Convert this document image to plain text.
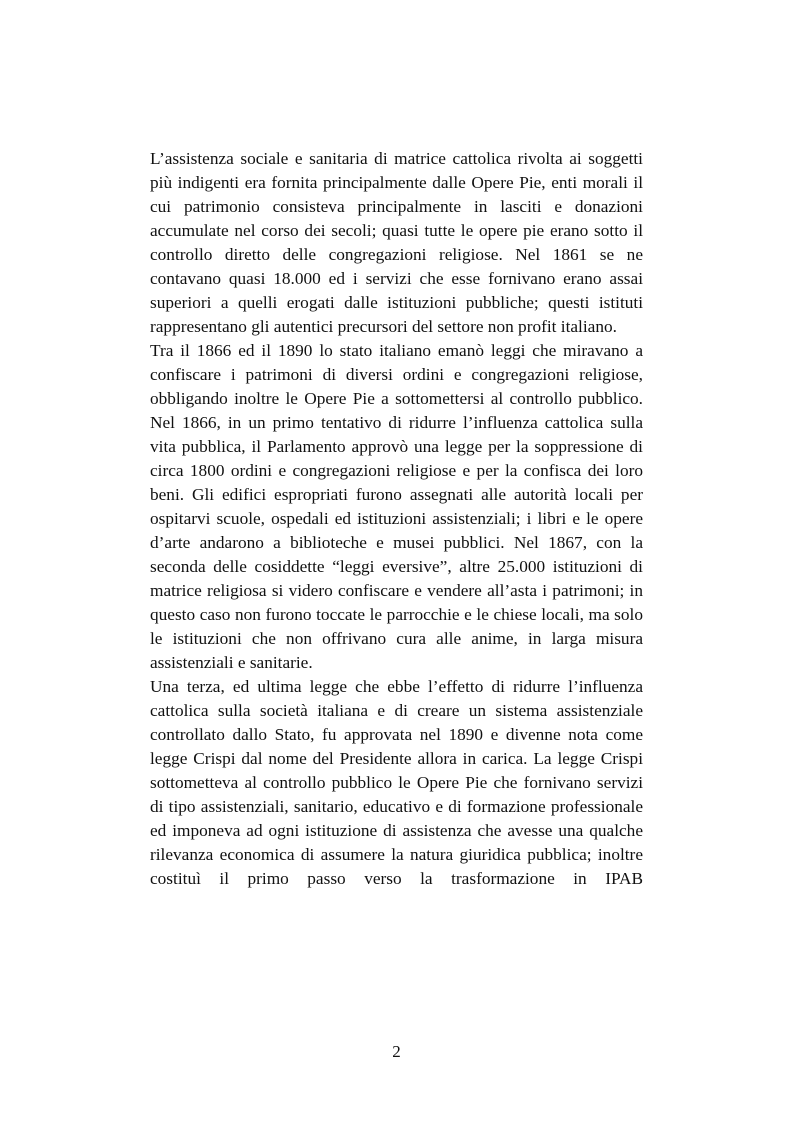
L’assistenza sociale e sanitaria di matrice cattolica rivolta ai soggetti più indigenti era fornita principalmente dalle Opere Pie, enti morali il cui patrimonio consisteva principalmente in lasciti e donazioni accumulate nel corso dei secoli; quasi tutte le opere pie erano sotto il controllo diretto delle congregazioni religiose. Nel 1861 se ne contavano quasi 18.000 ed i servizi che esse fornivano erano assai superiori a quelli erogati dalle istituzioni pubbliche; questi istituti rappresentano gli autentici precursori del settore non profit italiano.

Tra il 1866 ed il 1890 lo stato italiano emanò leggi che miravano a confiscare i patrimoni di diversi ordini e congregazioni religiose, obbligando inoltre le Opere Pie a sottomettersi al controllo pubblico. Nel 1866, in un primo tentativo di ridurre l’influenza cattolica sulla vita pubblica, il Parlamento approvò una legge per la soppressione di circa 1800 ordini e congregazioni religiose e per la confisca dei loro beni. Gli edifici espropriati furono assegnati alle autorità locali per ospitarvi scuole, ospedali ed istituzioni assistenziali; i libri e le opere d’arte andarono a biblioteche e musei pubblici. Nel 1867, con la seconda delle cosiddette “leggi eversive”, altre 25.000 istituzioni di matrice religiosa si videro confiscare e vendere all’asta i patrimoni; in questo caso non furono toccate le parrocchie e le chiese locali, ma solo le istituzioni che non offrivano cura alle anime, in larga misura assistenziali e sanitarie.

Una terza, ed ultima legge che ebbe l’effetto di ridurre l’influenza cattolica sulla società italiana e di creare un sistema assistenziale controllato dallo Stato, fu approvata nel 1890 e divenne nota come legge Crispi dal nome del Presidente allora in carica. La legge Crispi sottometteva al controllo pubblico le Opere Pie che fornivano servizi di tipo assistenziali, sanitario, educativo e di formazione professionale ed imponeva ad ogni istituzione di assistenza che avesse una qualche rilevanza economica di assumere la natura giuridica pubblica; inoltre costituì il primo passo verso la trasformazione in IPAB

2
